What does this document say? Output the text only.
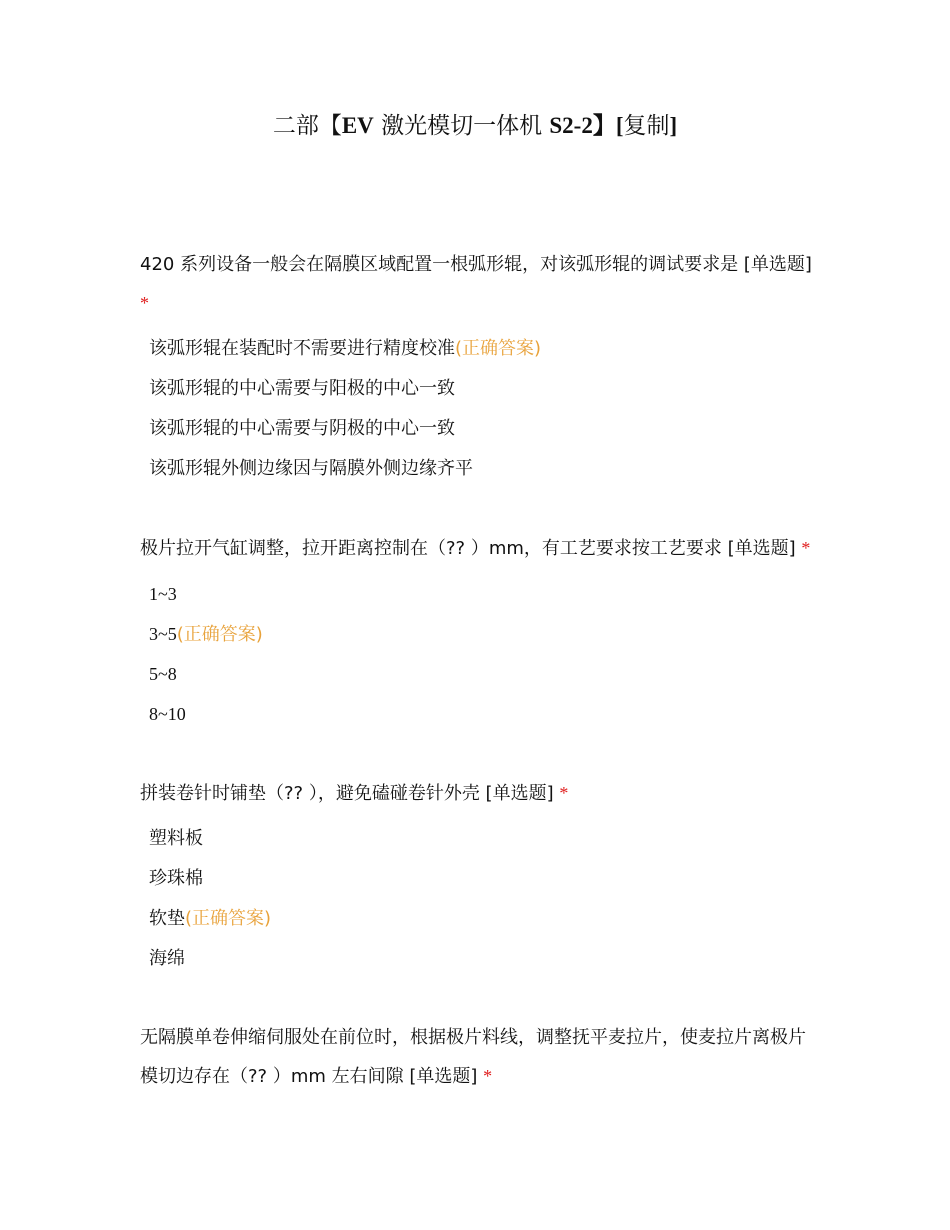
二部【EV 激光模切一体机 S2-2】[复制]

420 系列设备一般会在隔膜区域配置一根弧形辊，对该弧形辊的调试要求是 [单选题] *

该弧形辊在装配时不需要进行精度校准(正确答案)
该弧形辊的中心需要与阳极的中心一致
该弧形辊的中心需要与阴极的中心一致
该弧形辊外侧边缘因与隔膜外侧边缘齐平

极片拉开气缸调整，拉开距离控制在（?? ）mm，有工艺要求按工艺要求 [单选题] *

1~3
3~5(正确答案)
5~8
8~10

拼装卷针时铺垫（?? ），避免磕碰卷针外壳 [单选题] *

塑料板
珍珠棉
软垫(正确答案)
海绵

无隔膜单卷伸缩伺服处在前位时，根据极片料线，调整抚平麦拉片，使麦拉片离极片模切边存在（?? ）mm 左右间隙 [单选题] *
